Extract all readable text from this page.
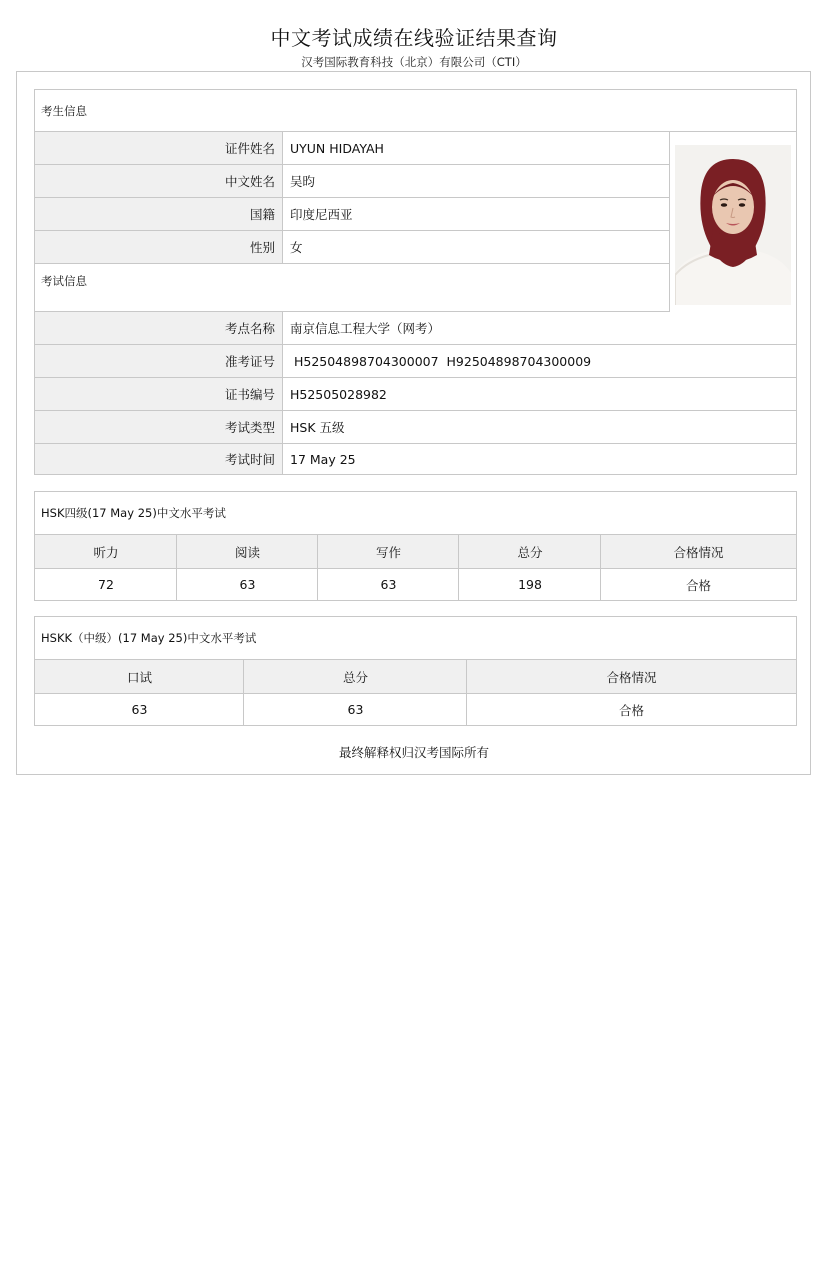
中文考试成绩在线验证结果查询
汉考国际教育科技（北京）有限公司（CTI）
考生信息
证件姓名	UYUN HIDAYAH
中文姓名	吴昀
国籍	印度尼西亚
性别	女
考试信息
考点名称	南京信息工程大学（网考）
准考证号	H52504898704300007  H92504898704300009
证书编号	H52505028982
考试类型	HSK 五级
考试时间	17 May 25
HSK四级(17 May 25)中文水平考试
听力	阅读	写作	总分	合格情况
72	63	63	198	合格
HSKK（中级）(17 May 25)中文水平考试
口试	总分	合格情况
63	63	合格
最终解释权归汉考国际所有
